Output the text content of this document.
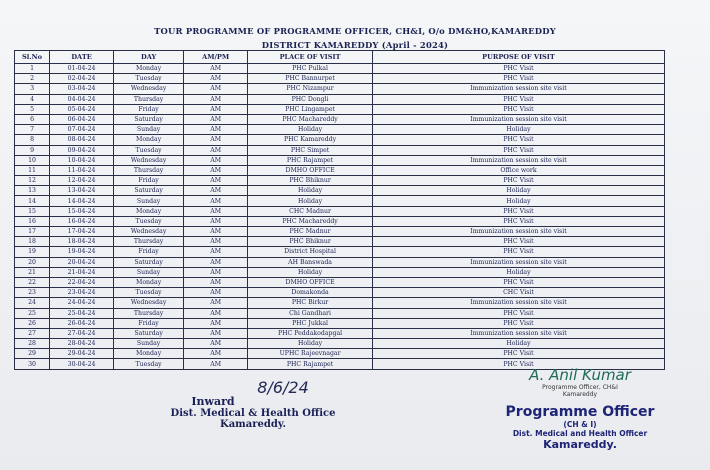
TOUR PROGRAMME OF PROGRAMME OFFICER, CH&I, O/o DM&HO,KAMAREDDY
DISTRICT KAMAREDDY (April - 2024)
Sl.No	DATE	DAY	AM/PM	PLACE OF VISIT	PURPOSE OF VISIT
1	01-04-24	Monday	AM	PHC Pulkal	PHC Visit
2	02-04-24	Tuesday	AM	PHC Bannurpet	PHC Visit
3	03-04-24	Wednesday	AM	PHC Nizampur	Immunization session site visit
4	04-04-24	Thursday	AM	PHC Dongli	PHC Visit
5	05-04-24	Friday	AM	PHC Lingampet	PHC Visit
6	06-04-24	Saturday	AM	PHC Machareddy	Immunization session site visit
7	07-04-24	Sunday	AM	Holiday	Holiday
8	08-04-24	Monday	AM	PHC Kamareddy	PHC Visit
9	09-04-24	Tuesday	AM	PHC Simpet	PHC Visit
10	10-04-24	Wednesday	AM	PHC Rajampet	Immunization session site visit
11	11-04-24	Thursday	AM	DMHO OFFICE	Office work
12	12-04-24	Friday	AM	PHC Bhiknur	PHC Visit
13	13-04-24	Saturday	AM	Holiday	Holiday
14	14-04-24	Sunday	AM	Holiday	Holiday
15	15-04-24	Monday	AM	CHC Madnur	PHC Visit
16	16-04-24	Tuesday	AM	PHC Machareddy	PHC Visit
17	17-04-24	Wednesday	AM	PHC Madnur	Immunization session site visit
18	18-04-24	Thursday	AM	PHC Bhiknur	PHC Visit
19	19-04-24	Friday	AM	District Hospital	PHC Visit
20	20-04-24	Saturday	AM	AH Banswada	Immunization session site visit
21	21-04-24	Sunday	AM	Holiday	Holiday
22	22-04-24	Monday	AM	DMHO OFFICE	PHC Visit
23	23-04-24	Tuesday	AM	Domakonda	CHC Visit
24	24-04-24	Wednesday	AM	PHC Birkur	Immunization session site visit
25	25-04-24	Thursday	AM	Chi Gandhari	PHC Visit
26	26-04-24	Friday	AM	PHC Jukkal	PHC Visit
27	27-04-24	Saturday	AM	PHC Peddakodapgal	Immunization session site visit
28	28-04-24	Sunday	AM	Holiday	Holiday
29	29-04-24	Monday	AM	UPHC Rajeevnagar	PHC Visit
30	30-04-24	Tuesday	AM	PHC Rajampet	PHC Visit
8/6/24
Inward
Dist. Medical & Health Office
Kamareddy.
A. Anil Kumar
Programme Officer, CH&I
Kamareddy
Programme Officer
(CH & I)
Dist. Medical and Health Officer
Kamareddy.
